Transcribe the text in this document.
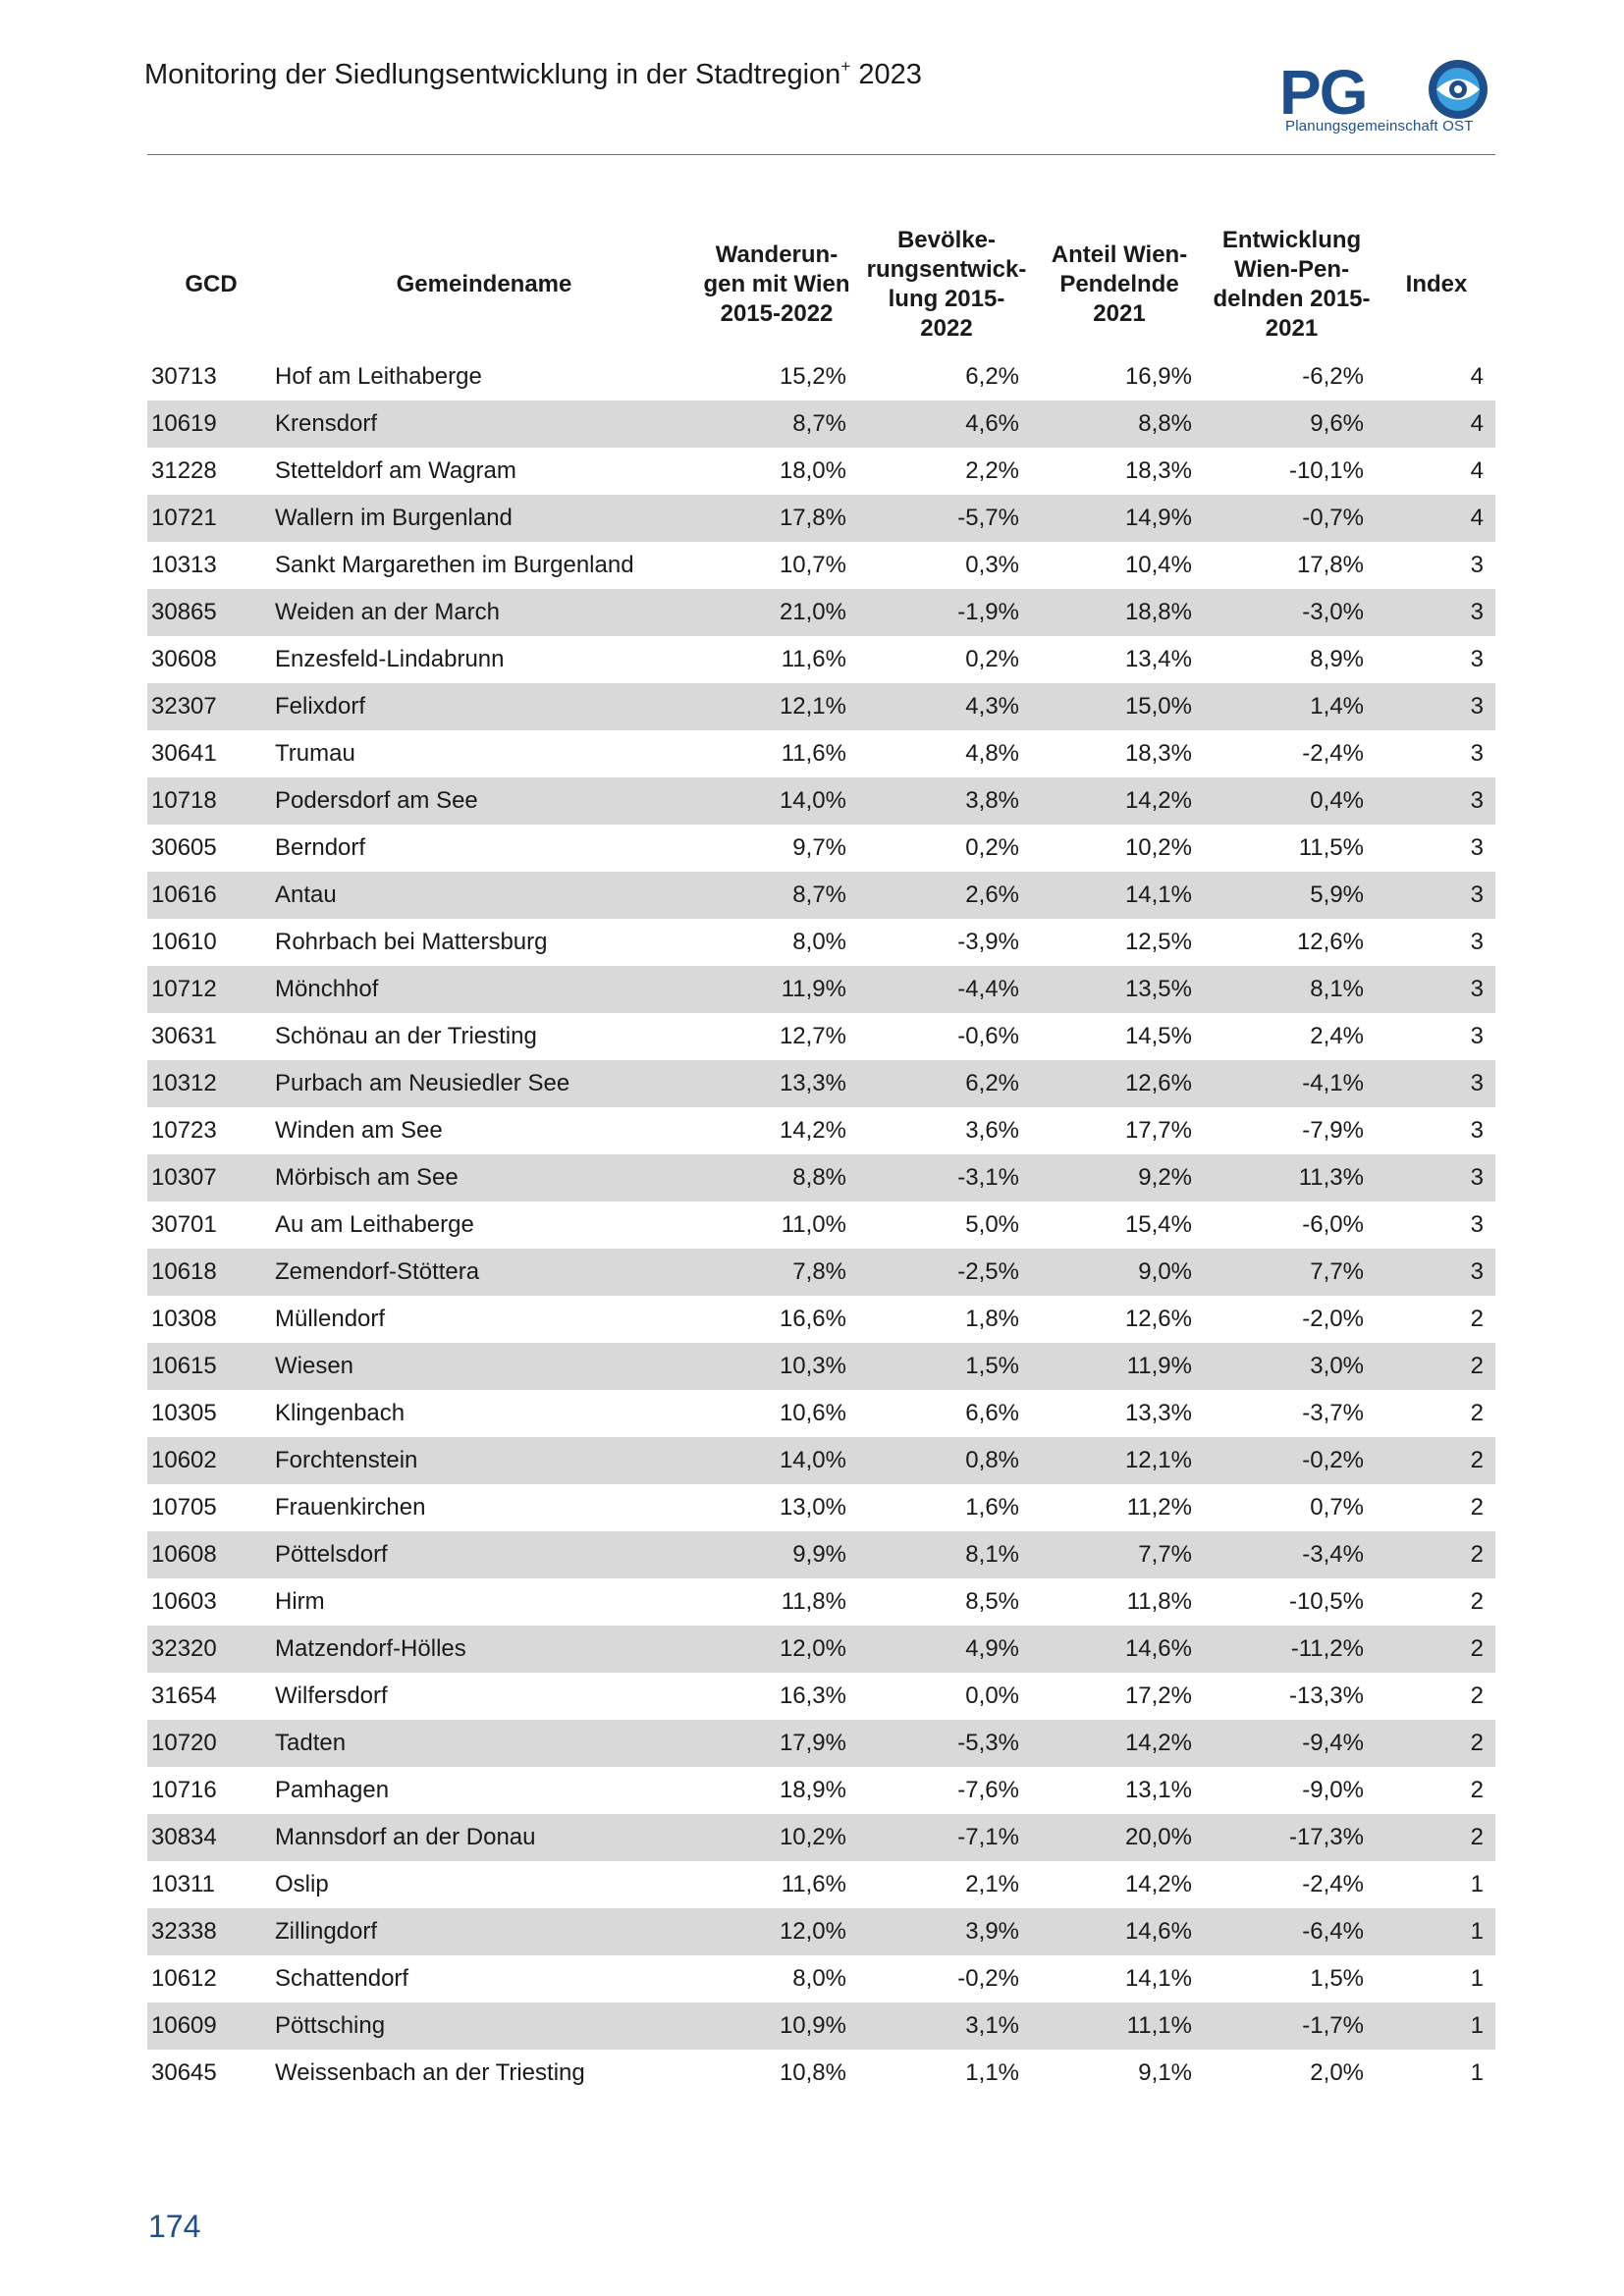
Monitoring der Siedlungsentwicklung in der Stadtregion+ 2023	PG
Planungsgemeinschaft OST
GCD	Gemeindename	Wanderun-gen mit Wien 2015-2022	Bevölke-rungsentwick-lung 2015-2022	Anteil Wien-Pendelnde 2021	Entwicklung Wien-Pen-delnden 2015-2021	Index
30713	Hof am Leithaberge	15,2%	6,2%	16,9%	-6,2%	4
10619	Krensdorf	8,7%	4,6%	8,8%	9,6%	4
31228	Stetteldorf am Wagram	18,0%	2,2%	18,3%	-10,1%	4
10721	Wallern im Burgenland	17,8%	-5,7%	14,9%	-0,7%	4
10313	Sankt Margarethen im Burgenland	10,7%	0,3%	10,4%	17,8%	3
30865	Weiden an der March	21,0%	-1,9%	18,8%	-3,0%	3
30608	Enzesfeld-Lindabrunn	11,6%	0,2%	13,4%	8,9%	3
32307	Felixdorf	12,1%	4,3%	15,0%	1,4%	3
30641	Trumau	11,6%	4,8%	18,3%	-2,4%	3
10718	Podersdorf am See	14,0%	3,8%	14,2%	0,4%	3
30605	Berndorf	9,7%	0,2%	10,2%	11,5%	3
10616	Antau	8,7%	2,6%	14,1%	5,9%	3
10610	Rohrbach bei Mattersburg	8,0%	-3,9%	12,5%	12,6%	3
10712	Mönchhof	11,9%	-4,4%	13,5%	8,1%	3
30631	Schönau an der Triesting	12,7%	-0,6%	14,5%	2,4%	3
10312	Purbach am Neusiedler See	13,3%	6,2%	12,6%	-4,1%	3
10723	Winden am See	14,2%	3,6%	17,7%	-7,9%	3
10307	Mörbisch am See	8,8%	-3,1%	9,2%	11,3%	3
30701	Au am Leithaberge	11,0%	5,0%	15,4%	-6,0%	3
10618	Zemendorf-Stöttera	7,8%	-2,5%	9,0%	7,7%	3
10308	Müllendorf	16,6%	1,8%	12,6%	-2,0%	2
10615	Wiesen	10,3%	1,5%	11,9%	3,0%	2
10305	Klingenbach	10,6%	6,6%	13,3%	-3,7%	2
10602	Forchtenstein	14,0%	0,8%	12,1%	-0,2%	2
10705	Frauenkirchen	13,0%	1,6%	11,2%	0,7%	2
10608	Pöttelsdorf	9,9%	8,1%	7,7%	-3,4%	2
10603	Hirm	11,8%	8,5%	11,8%	-10,5%	2
32320	Matzendorf-Hölles	12,0%	4,9%	14,6%	-11,2%	2
31654	Wilfersdorf	16,3%	0,0%	17,2%	-13,3%	2
10720	Tadten	17,9%	-5,3%	14,2%	-9,4%	2
10716	Pamhagen	18,9%	-7,6%	13,1%	-9,0%	2
30834	Mannsdorf an der Donau	10,2%	-7,1%	20,0%	-17,3%	2
10311	Oslip	11,6%	2,1%	14,2%	-2,4%	1
32338	Zillingdorf	12,0%	3,9%	14,6%	-6,4%	1
10612	Schattendorf	8,0%	-0,2%	14,1%	1,5%	1
10609	Pöttsching	10,9%	3,1%	11,1%	-1,7%	1
30645	Weissenbach an der Triesting	10,8%	1,1%	9,1%	2,0%	1
174
